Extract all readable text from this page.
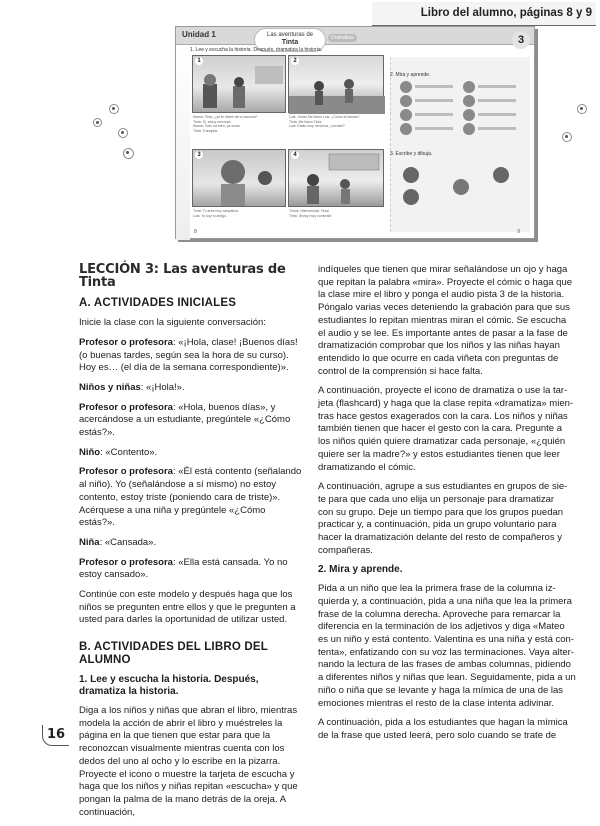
Libro del alumno, páginas 8 y 9
Unidad 1	Las aventuras de
Tinta
Dramatiza	3
1. Lee y escucha la historia. Después, dramatiza la historia.
1	2
Mamá: Tinta, ¿ya te vistes de tu escuela?
Tinta: Sí, estoy nerviosa.
Mamá: Todo irá bien, ya verás.
Tinta: Tranquila.
Luis: ¡Hola! Me llamo Luis. ¿Cómo te llamas?
Tinta: Me llamo Tinta.
Luis: Estás muy nerviosa, ¿verdad?
3	4
Tinta: Tú eres muy simpática.
Luis: Yo soy tu amigo.
Todos: ¡Bienvenida, Tinta!
Tinta: ¡Estoy muy contenta!
2. Mira y aprende.
3. Escribe y dibuja.
8	9
LECCIÓN 3: Las aventuras de Tinta
A. ACTIVIDADES INICIALES

Inicie la clase con la siguiente conversación:

Profesor o profesora: «¡Hola, clase! ¡Buenos días! (o buenas tardes, según sea la hora de su curso). Hoy es… (el día de la semana correspondiente)».

Niños y niñas: «¡Hola!».

Profesor o profesora: «Hola, buenos días», y acercándose a un estudiante, pregúntele «¿Cómo estás?».

Niño: «Contento».

Profesor o profesora: «Él está contento (señalando al niño). Yo (señalándose a sí mismo) no estoy contento, estoy triste (poniendo cara de triste)». Acérquese a una niña y pregúntele «¿Cómo estás?».

Niña: «Cansada».

Profesor o profesora: «Ella está cansada. Yo no estoy cansado».

Continúe con este modelo y después haga que los niños se pregunten entre ellos y que le pregunten a usted para darles la oportunidad de utilizar usted.

B. ACTIVIDADES DEL LIBRO DEL ALUMNO
1. Lee y escucha la historia. Después, dramatiza la historia.

Diga a los niños y niñas que abran el libro, mientras modela la acción de abrir el libro y muéstreles la página en la que tienen que estar para que la reconozcan visualmente mientras cuenta con los dedos del uno al ocho y lo escribe en la pizarra. Proyecte el icono o muestre la tarjeta de escucha y haga que los niños y niñas repitan «escucha» y que pongan la palma de la mano detrás de la oreja. A continuación,

indíqueles que tienen que mirar señalándose un ojo y haga
que repitan la palabra «mira». Proyecte el cómic o haga que
la clase mire el libro y ponga el audio pista 3 de la historia.
Póngalo varias veces deteniendo la grabación para que sus
estudiantes lo repitan mientras miran el cómic. Se escucha
el audio y se lee. Es importante antes de pasar a la fase de
dramatización comprobar que los niños y las niñas hayan
entendido lo que ocurre en cada viñeta con preguntas de
control de la comprensión si hace falta.

A continuación, proyecte el icono de dramatiza o use la tar-
jeta (flashcard) y haga que la clase repita «dramatiza» mien-
tras hace gestos exagerados con la cara. Los niños y niñas
también tienen que hacer el gesto con la cara. Pregunte a
los niños quién quiere dramatizar cada personaje, «¿quién
quiere ser la madre?» y estos estudiantes tienen que leer
dramatizando el cómic.

A continuación, agrupe a sus estudiantes en grupos de sie-
te para que cada uno elija un personaje para dramatizar
con su grupo. Deje un tiempo para que los grupos puedan
practicar y, a continuación, pida un grupo voluntario para
hacer la dramatización delante del resto de compañeros y
compañeras.

2. Mira y aprende.

Pida a un niño que lea la primera frase de la columna iz-
quierda y, a continuación, pida a una niña que lea la primera
frase de la columna derecha. Aproveche para remarcar la
diferencia en la terminación de los adjetivos y diga «Mateo
es un niño y está contento. Valentina es una niña y está con-
tenta», enfatizando con su voz las terminaciones. Vaya alter-
nando la lectura de las frases de ambas columnas, pidiendo
a diferentes niños y niñas que lean. Seguidamente, pida a un
niño o niña que se levante y haga la mímica de una de las
emociones mientras el resto de la clase intenta adivinar.

A continuación, pida a los estudiantes que hagan la mímica
de la frase que usted leerá, pero solo cuando se trate de

16
